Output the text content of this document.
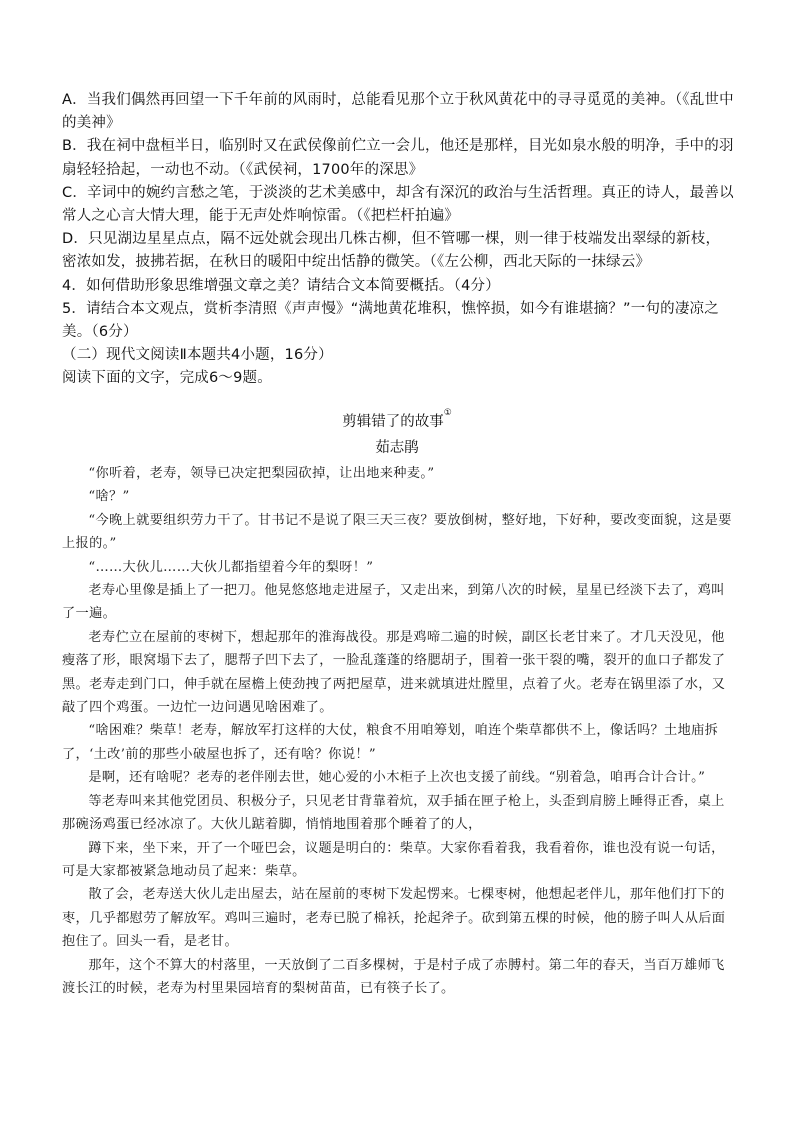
A．当我们偶然再回望一下千年前的风雨时，总能看见那个立于秋风黄花中的寻寻觅觅的美神。（《乱世中的美神》

B．我在祠中盘桓半日，临别时又在武侯像前伫立一会儿，他还是那样，目光如泉水般的明净，手中的羽扇轻轻拾起，一动也不动。（《武侯祠，1700年的深思》

C．辛词中的婉约言愁之笔，于淡淡的艺术美感中，却含有深沉的政治与生活哲理。真正的诗人，最善以常人之心言大情大理，能于无声处炸响惊雷。（《把栏杆拍遍》

D．只见湖边星星点点，隔不远处就会现出几株古柳，但不管哪一棵，则一律于枝端发出翠绿的新枝，密浓如发，披拂若据，在秋日的暖阳中绽出恬静的微笑。（《左公柳，西北天际的一抹绿云》

4．如何借助形象思维增强文章之美？请结合文本简要概括。（4分）

5．请结合本文观点，赏析李清照《声声慢》“满地黄花堆积，憔悴损，如今有谁堪摘？”一句的凄凉之美。（6分）

（二）现代文阅读Ⅱ本题共4小题，16分）

阅读下面的文字，完成6～9题。

剪辑错了的故事①
茹志鹃

“你听着，老寿，领导已决定把梨园砍掉，让出地来种麦。”

“啥？”

“今晚上就要组织劳力干了。甘书记不是说了限三天三夜？要放倒树，整好地，下好种，要改变面貌，这是要上报的。”

“……大伙儿……大伙儿都指望着今年的梨呀！”

老寿心里像是插上了一把刀。他晃悠悠地走进屋子，又走出来，到第八次的时候，星星已经淡下去了，鸡叫了一遍。

老寿伫立在屋前的枣树下，想起那年的淮海战役。那是鸡啼二遍的时候，副区长老甘来了。才几天没见，他瘦落了形，眼窝塌下去了，腮帮子凹下去了，一脸乱蓬蓬的络腮胡子，围着一张干裂的嘴，裂开的血口子都发了黑。老寿走到门口，伸手就在屋檐上使劲拽了两把屋草，进来就填进灶膛里，点着了火。老寿在锅里添了水，又敲了四个鸡蛋。一边忙一边问遇见啥困难了。

“啥困难？柴草！老寿，解放军打这样的大仗，粮食不用咱筹划，咱连个柴草都供不上，像话吗？土地庙拆了，‘土改’前的那些小破屋也拆了，还有啥？你说！”

是啊，还有啥呢？老寿的老伴刚去世，她心爱的小木柜子上次也支援了前线。“别着急，咱再合计合计。”

等老寿叫来其他党团员、积极分子，只见老甘背靠着炕，双手插在匣子枪上，头歪到肩膀上睡得正香，桌上那碗汤鸡蛋已经冰凉了。大伙儿踮着脚，悄悄地围着那个睡着了的人，

蹲下来，坐下来，开了一个哑巴会，议题是明白的：柴草。大家你看着我，我看着你，谁也没有说一句话，可是大家都被紧急地动员了起来：柴草。

散了会，老寿送大伙儿走出屋去，站在屋前的枣树下发起愣来。七棵枣树，他想起老伴儿，那年他们打下的枣，几乎都慰劳了解放军。鸡叫三遍时，老寿已脱了棉袄，抡起斧子。砍到第五棵的时候，他的膀子叫人从后面抱住了。回头一看，是老甘。

那年，这个不算大的村落里，一天放倒了二百多棵树，于是村子成了赤膊村。第二年的春天，当百万雄师飞渡长江的时候，老寿为村里果园培育的梨树苗苗，已有筷子长了。
